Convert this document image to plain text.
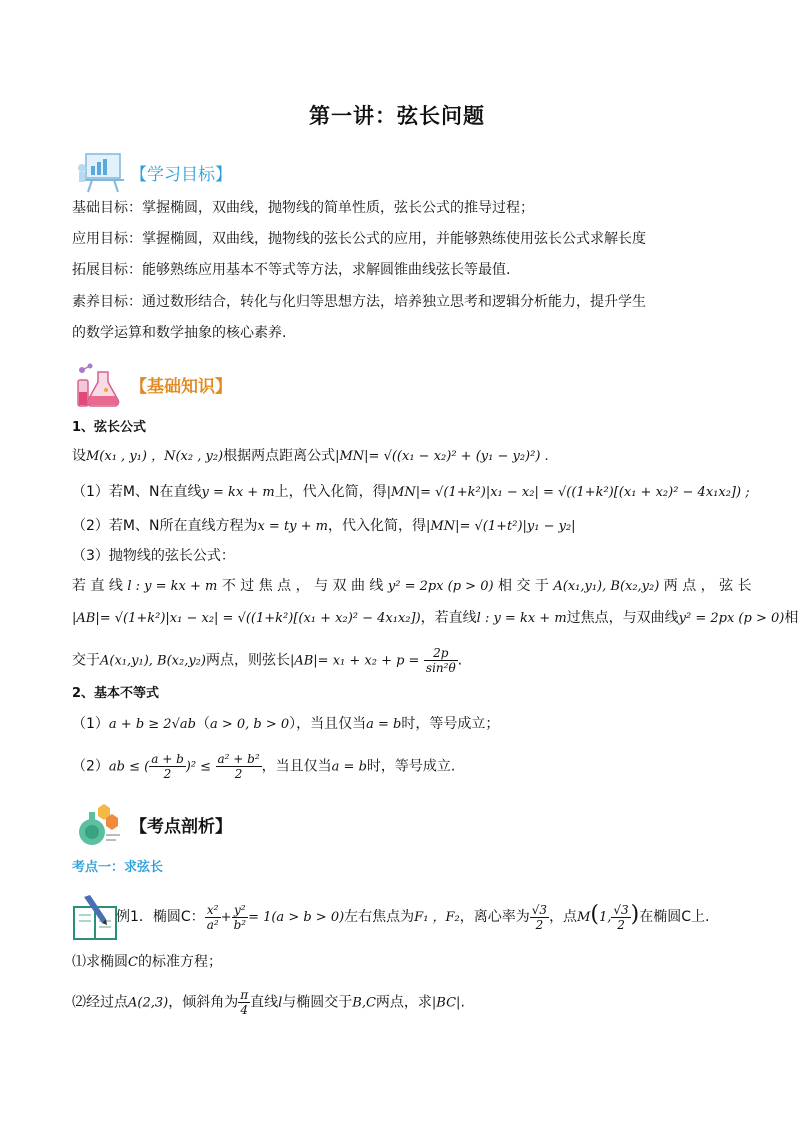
第一讲：弦长问题
【学习目标】
基础目标：掌握椭圆，双曲线，抛物线的简单性质，弦长公式的推导过程；
应用目标：掌握椭圆，双曲线，抛物线的弦长公式的应用，并能够熟练使用弦长公式求解长度
拓展目标：能够熟练应用基本不等式等方法，求解圆锥曲线弦长等最值.
素养目标：通过数形结合，转化与化归等思想方法，培养独立思考和逻辑分析能力，提升学生
的数学运算和数学抽象的核心素养.
【基础知识】
1、弦长公式
设M(x₁ , y₁) ，N(x₂ , y₂)根据两点距离公式|MN|= √((x₁ − x₂)² + (y₁ − y₂)²) .
（1）若M、N在直线y = kx + m上，代入化简，得|MN|= √(1+k²)|x₁ − x₂| = √((1+k²)[(x₁ + x₂)² − 4x₁x₂]) ;
（2）若M、N所在直线方程为x = ty + m，代入化简，得|MN|= √(1+t²)|y₁ − y₂|
（3）抛物线的弦长公式：
若 直 线 l : y = kx + m 不 过 焦 点 ， 与 双 曲 线 y² = 2px (p > 0) 相 交 于 A(x₁,y₁), B(x₂,y₂) 两 点 ， 弦 长
|AB|= √(1+k²)|x₁ − x₂| = √((1+k²)[(x₁ + x₂)² − 4x₁x₂])，若直线l : y = kx + m过焦点，与双曲线y² = 2px (p > 0)相
交于A(x₁,y₁), B(x₂,y₂)两点，则弦长$|AB|= x_1 + x_2 + p = \frac{2p}{\text{sin²θ}}$ .
2、基本不等式
（1）a + b ≥ 2√ab（a > 0, b > 0），当且仅当a = b时，等号成立；
（2）ab ≤ ( $\frac{a + b}{2} )^2 \le \frac{\text{a² + b²}}{2}$ ，当且仅当a = b时，等号成立.
【考点剖析】
考点一：求弦长
例1．椭圆C： $\frac{\text{x²}}{\text{a²}} + \frac{\text{y²}}{\text{b²}} = 1(a > b > 0)$左右焦点为F₁ ，F₂，离心率为 $\frac{√3}{2}$ ，点M(1, $\frac{√3}{2}$ )在椭圆C上.
⑴求椭圆C的标准方程；
⑵经过点A(2,3)，倾斜角为 $\frac{\pi}{4}$ 直线l与椭圆交于B,C两点，求|BC|.
